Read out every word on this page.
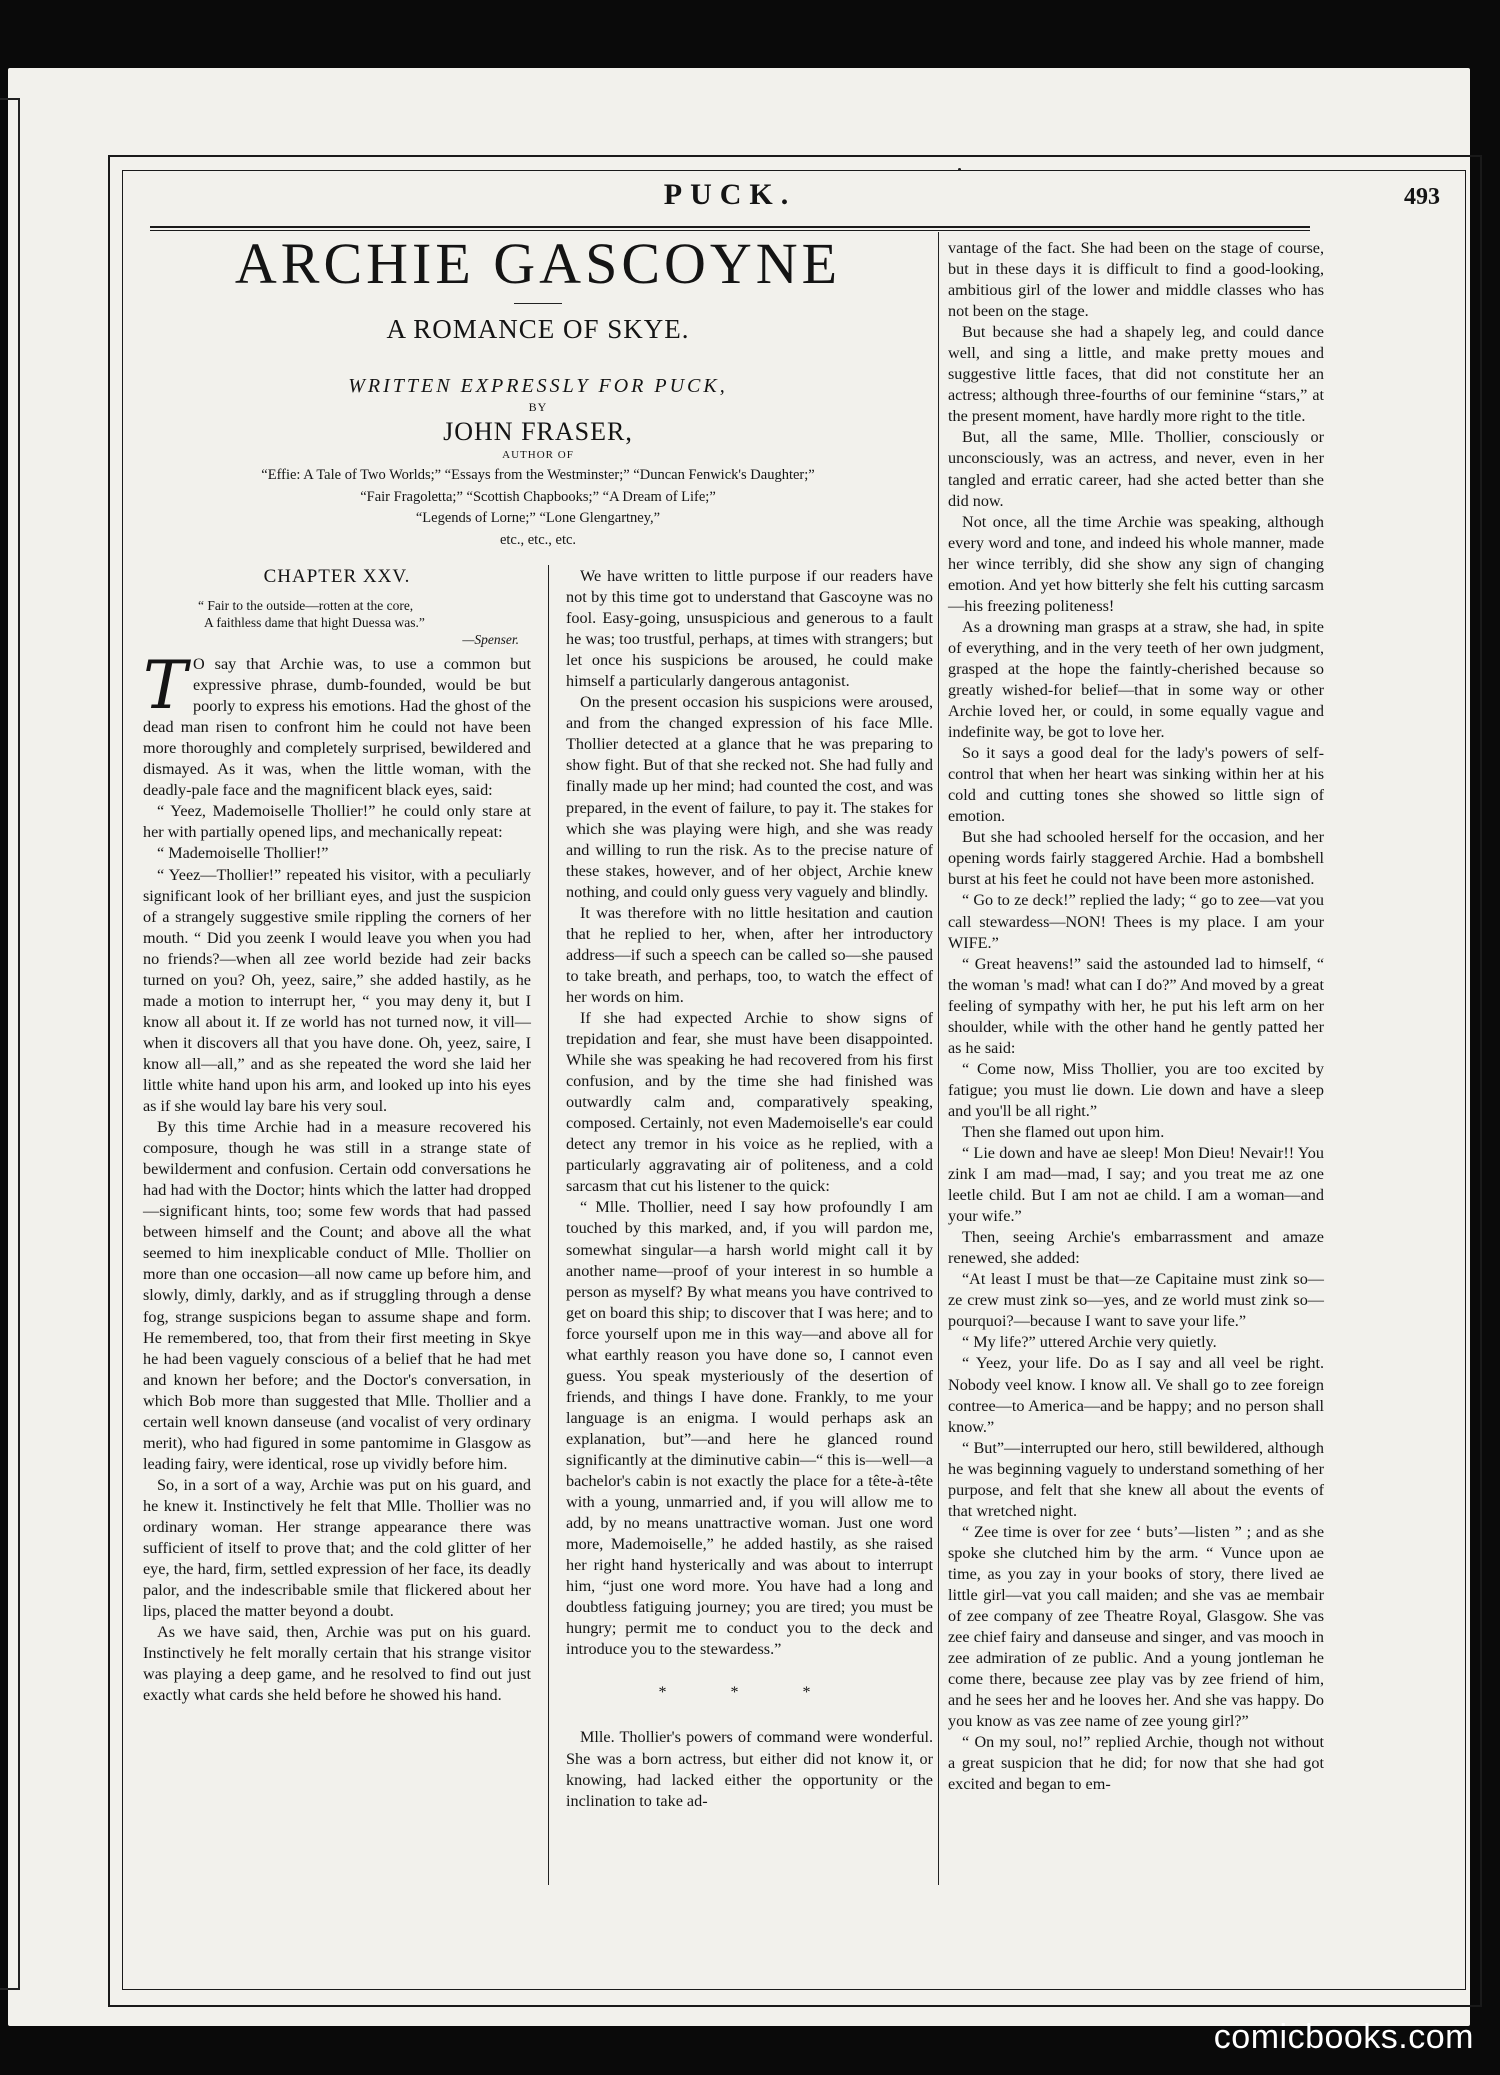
PUCK.	493
ARCHIE GASCOYNE
A ROMANCE OF SKYE.
WRITTEN EXPRESSLY FOR PUCK,
BY
JOHN FRASER,
AUTHOR OF
“Effie: A Tale of Two Worlds;” “Essays from the Westminster;” “Duncan Fenwick's Daughter;”
“Fair Fragoletta;” “Scottish Chapbooks;” “A Dream of Life;”
“Legends of Lorne;” “Lone Glengartney,”
etc., etc., etc.
CHAPTER XXV.
“ Fair to the outside—rotten at the core,
A faithless dame that hight Duessa was.”
—Spenser.

T O say that Archie was, to use a common but expressive phrase, dumb-founded, would be but poorly to express his emotions. Had the ghost of the dead man risen to confront him he could not have been more thoroughly and completely surprised, bewildered and dismayed. As it was, when the little woman, with the deadly-pale face and the magnificent black eyes, said:

“ Yeez, Mademoiselle Thollier!” he could only stare at her with partially opened lips, and mechanically repeat:

“ Mademoiselle Thollier!”

“ Yeez—Thollier!” repeated his visitor, with a peculiarly significant look of her brilliant eyes, and just the suspicion of a strangely suggestive smile rippling the corners of her mouth. “ Did you zeenk I would leave you when you had no friends?—when all zee world bezide had zeir backs turned on you? Oh, yeez, saire,” she added hastily, as he made a motion to interrupt her, “ you may deny it, but I know all about it. If ze world has not turned now, it vill—when it discovers all that you have done. Oh, yeez, saire, I know all—all,” and as she repeated the word she laid her little white hand upon his arm, and looked up into his eyes as if she would lay bare his very soul.

By this time Archie had in a measure recovered his composure, though he was still in a strange state of bewilderment and confusion. Certain odd conversations he had had with the Doctor; hints which the latter had dropped—significant hints, too; some few words that had passed between himself and the Count; and above all the what seemed to him inexplicable conduct of Mlle. Thollier on more than one occasion—all now came up before him, and slowly, dimly, darkly, and as if struggling through a dense fog, strange suspicions began to assume shape and form. He remembered, too, that from their first meeting in Skye he had been vaguely conscious of a belief that he had met and known her before; and the Doctor's conversation, in which Bob more than suggested that Mlle. Thollier and a certain well known danseuse (and vocalist of very ordinary merit), who had figured in some pantomime in Glasgow as leading fairy, were identical, rose up vividly before him.

So, in a sort of a way, Archie was put on his guard, and he knew it. Instinctively he felt that Mlle. Thollier was no ordinary woman. Her strange appearance there was sufficient of itself to prove that; and the cold glitter of her eye, the hard, firm, settled expression of her face, its deadly palor, and the indescribable smile that flickered about her lips, placed the matter beyond a doubt.

As we have said, then, Archie was put on his guard. Instinctively he felt morally certain that his strange visitor was playing a deep game, and he resolved to find out just exactly what cards she held before he showed his hand.

We have written to little purpose if our readers have not by this time got to understand that Gascoyne was no fool. Easy-going, unsuspicious and generous to a fault he was; too trustful, perhaps, at times with strangers; but let once his suspicions be aroused, he could make himself a particularly dangerous antagonist.

On the present occasion his suspicions were aroused, and from the changed expression of his face Mlle. Thollier detected at a glance that he was preparing to show fight. But of that she recked not. She had fully and finally made up her mind; had counted the cost, and was prepared, in the event of failure, to pay it. The stakes for which she was playing were high, and she was ready and willing to run the risk. As to the precise nature of these stakes, however, and of her object, Archie knew nothing, and could only guess very vaguely and blindly.

It was therefore with no little hesitation and caution that he replied to her, when, after her introductory address—if such a speech can be called so—she paused to take breath, and perhaps, too, to watch the effect of her words on him.

If she had expected Archie to show signs of trepidation and fear, she must have been disappointed. While she was speaking he had recovered from his first confusion, and by the time she had finished was outwardly calm and, comparatively speaking, composed. Certainly, not even Mademoiselle's ear could detect any tremor in his voice as he replied, with a particularly aggravating air of politeness, and a cold sarcasm that cut his listener to the quick:

“ Mlle. Thollier, need I say how profoundly I am touched by this marked, and, if you will pardon me, somewhat singular—a harsh world might call it by another name—proof of your interest in so humble a person as myself? By what means you have contrived to get on board this ship; to discover that I was here; and to force yourself upon me in this way—and above all for what earthly reason you have done so, I cannot even guess. You speak mysteriously of the desertion of friends, and things I have done. Frankly, to me your language is an enigma. I would perhaps ask an explanation, but”—and here he glanced round significantly at the diminutive cabin—“ this is—well—a bachelor's cabin is not exactly the place for a tête-à-tête with a young, unmarried and, if you will allow me to add, by no means unattractive woman. Just one word more, Mademoiselle,” he added hastily, as she raised her right hand hysterically and was about to interrupt him, “just one word more. You have had a long and doubtless fatiguing journey; you are tired; you must be hungry; permit me to conduct you to the deck and introduce you to the stewardess.”

* * *

Mlle. Thollier's powers of command were wonderful. She was a born actress, but either did not know it, or knowing, had lacked either the opportunity or the inclination to take ad-

vantage of the fact. She had been on the stage of course, but in these days it is difficult to find a good-looking, ambitious girl of the lower and middle classes who has not been on the stage.

But because she had a shapely leg, and could dance well, and sing a little, and make pretty moues and suggestive little faces, that did not constitute her an actress; although three-fourths of our feminine “stars,” at the present moment, have hardly more right to the title.

But, all the same, Mlle. Thollier, consciously or unconsciously, was an actress, and never, even in her tangled and erratic career, had she acted better than she did now.

Not once, all the time Archie was speaking, although every word and tone, and indeed his whole manner, made her wince terribly, did she show any sign of changing emotion. And yet how bitterly she felt his cutting sarcasm—his freezing politeness!

As a drowning man grasps at a straw, she had, in spite of everything, and in the very teeth of her own judgment, grasped at the hope the faintly-cherished because so greatly wished-for belief—that in some way or other Archie loved her, or could, in some equally vague and indefinite way, be got to love her.

So it says a good deal for the lady's powers of self-control that when her heart was sinking within her at his cold and cutting tones she showed so little sign of emotion.

But she had schooled herself for the occasion, and her opening words fairly staggered Archie. Had a bombshell burst at his feet he could not have been more astonished.

“ Go to ze deck!” replied the lady; “ go to zee—vat you call stewardess—NON! Thees is my place. I am your WIFE.”

“ Great heavens!” said the astounded lad to himself, “ the woman 's mad! what can I do?” And moved by a great feeling of sympathy with her, he put his left arm on her shoulder, while with the other hand he gently patted her as he said:

“ Come now, Miss Thollier, you are too excited by fatigue; you must lie down. Lie down and have a sleep and you'll be all right.”

Then she flamed out upon him.

“ Lie down and have ae sleep! Mon Dieu! Nevair!! You zink I am mad—mad, I say; and you treat me az one leetle child. But I am not ae child. I am a woman—and your wife.”

Then, seeing Archie's embarrassment and amaze renewed, she added:

“At least I must be that—ze Capitaine must zink so—ze crew must zink so—yes, and ze world must zink so—pourquoi?—because I want to save your life.”

“ My life?” uttered Archie very quietly.

“ Yeez, your life. Do as I say and all veel be right. Nobody veel know. I know all. Ve shall go to zee foreign contree—to America—and be happy; and no person shall know.”

“ But”—interrupted our hero, still bewildered, although he was beginning vaguely to understand something of her purpose, and felt that she knew all about the events of that wretched night.

“ Zee time is over for zee ‘ buts’—listen ” ; and as she spoke she clutched him by the arm. “ Vunce upon ae time, as you zay in your books of story, there lived ae little girl—vat you call maiden; and she vas ae membair of zee company of zee Theatre Royal, Glasgow. She vas zee chief fairy and danseuse and singer, and vas mooch in zee admiration of ze public. And a young jontleman he come there, because zee play vas by zee friend of him, and he sees her and he looves her. And she vas happy. Do you know as vas zee name of zee young girl?”

“ On my soul, no!” replied Archie, though not without a great suspicion that he did; for now that she had got excited and began to em-

comicbooks.com
